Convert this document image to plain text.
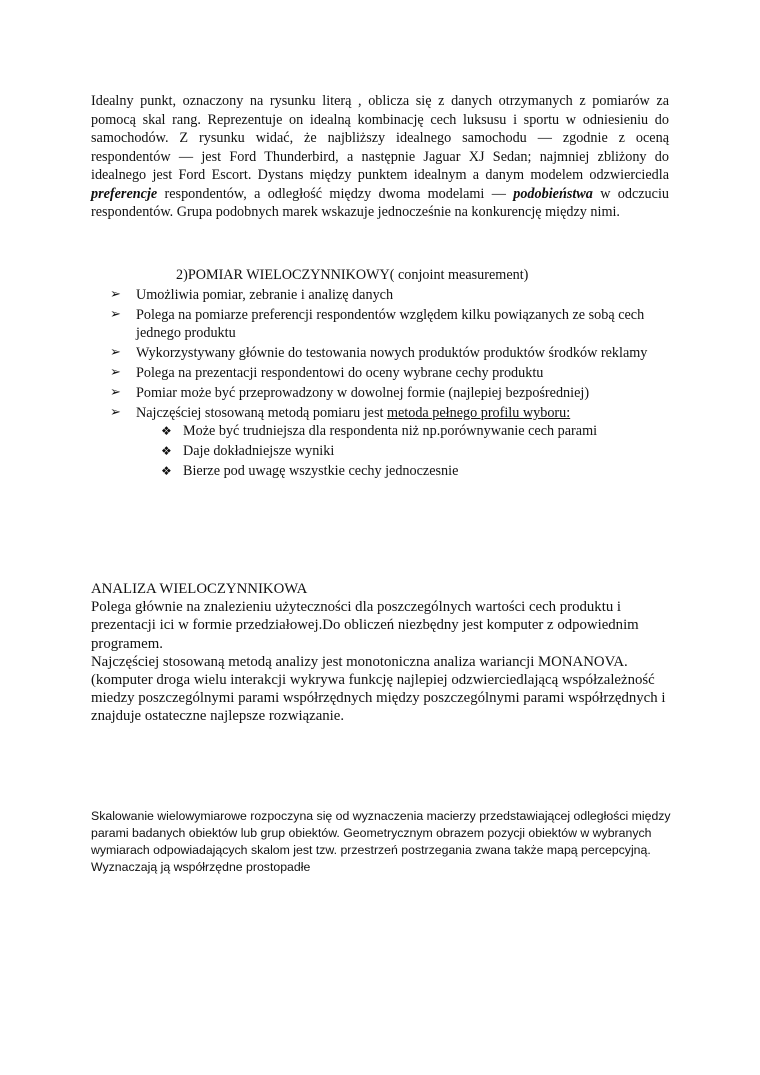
Idealny punkt, oznaczony na rysunku literą , oblicza się z danych otrzymanych z pomiarów za pomocą skal rang. Reprezentuje on idealną kombinację cech luksusu i sportu w odniesieniu do samochodów. Z rysunku widać, że najbliższy idealnego samochodu — zgodnie z oceną respondentów — jest Ford Thunderbird, a następnie Jaguar XJ Sedan; najmniej zbliżony do idealnego jest Ford Escort. Dystans między punktem idealnym a danym modelem odzwierciedla preferencje respondentów, a odległość między dwoma modelami — podobieństwa w odczuciu respondentów. Grupa podobnych marek wskazuje jednocześnie na konkurencję między nimi.

2)POMIAR WIELOCZYNNIKOWY( conjoint measurement)
➢ Umożliwia pomiar, zebranie i analizę danych
➢ Polega na pomiarze preferencji respondentów względem kilku powiązanych ze sobą cech jednego produktu
➢ Wykorzystywany głównie do testowania nowych produktów produktów środków reklamy
➢ Polega na prezentacji respondentowi do oceny wybrane cechy produktu
➢ Pomiar może być przeprowadzony w dowolnej formie (najlepiej bezpośredniej)
➢ Najczęściej stosowaną metodą pomiaru jest metoda pełnego profilu wyboru:
❖ Może być trudniejsza dla respondenta niż np.porównywanie cech parami
❖ Daje dokładniejsze wyniki
❖ Bierze pod uwagę wszystkie cechy jednoczesnie

ANALIZA WIELOCZYNNIKOWA

Polega głównie na znalezieniu użyteczności dla poszczególnych wartości cech produktu i prezentacji ici w formie przedziałowej.Do obliczeń niezbędny jest komputer z odpowiednim programem.

Najczęściej stosowaną metodą analizy jest monotoniczna analiza wariancji MONANOVA. (komputer droga wielu interakcji wykrywa funkcję najlepiej odzwierciedlającą współzależność miedzy poszczególnymi parami współrzędnych między poszczególnymi parami współrzędnych i znajduje ostateczne najlepsze rozwiązanie.

Skalowanie wielowymiarowe rozpoczyna się od wyznaczenia macierzy przedstawiającej odległości między parami badanych obiektów lub grup obiektów. Geometrycznym obrazem pozycji obiektów w wybranych wymiarach odpowiadających skalom jest tzw. przestrzeń postrzegania zwana także mapą percepcyjną. Wyznaczają ją współrzędne prostopadłe
